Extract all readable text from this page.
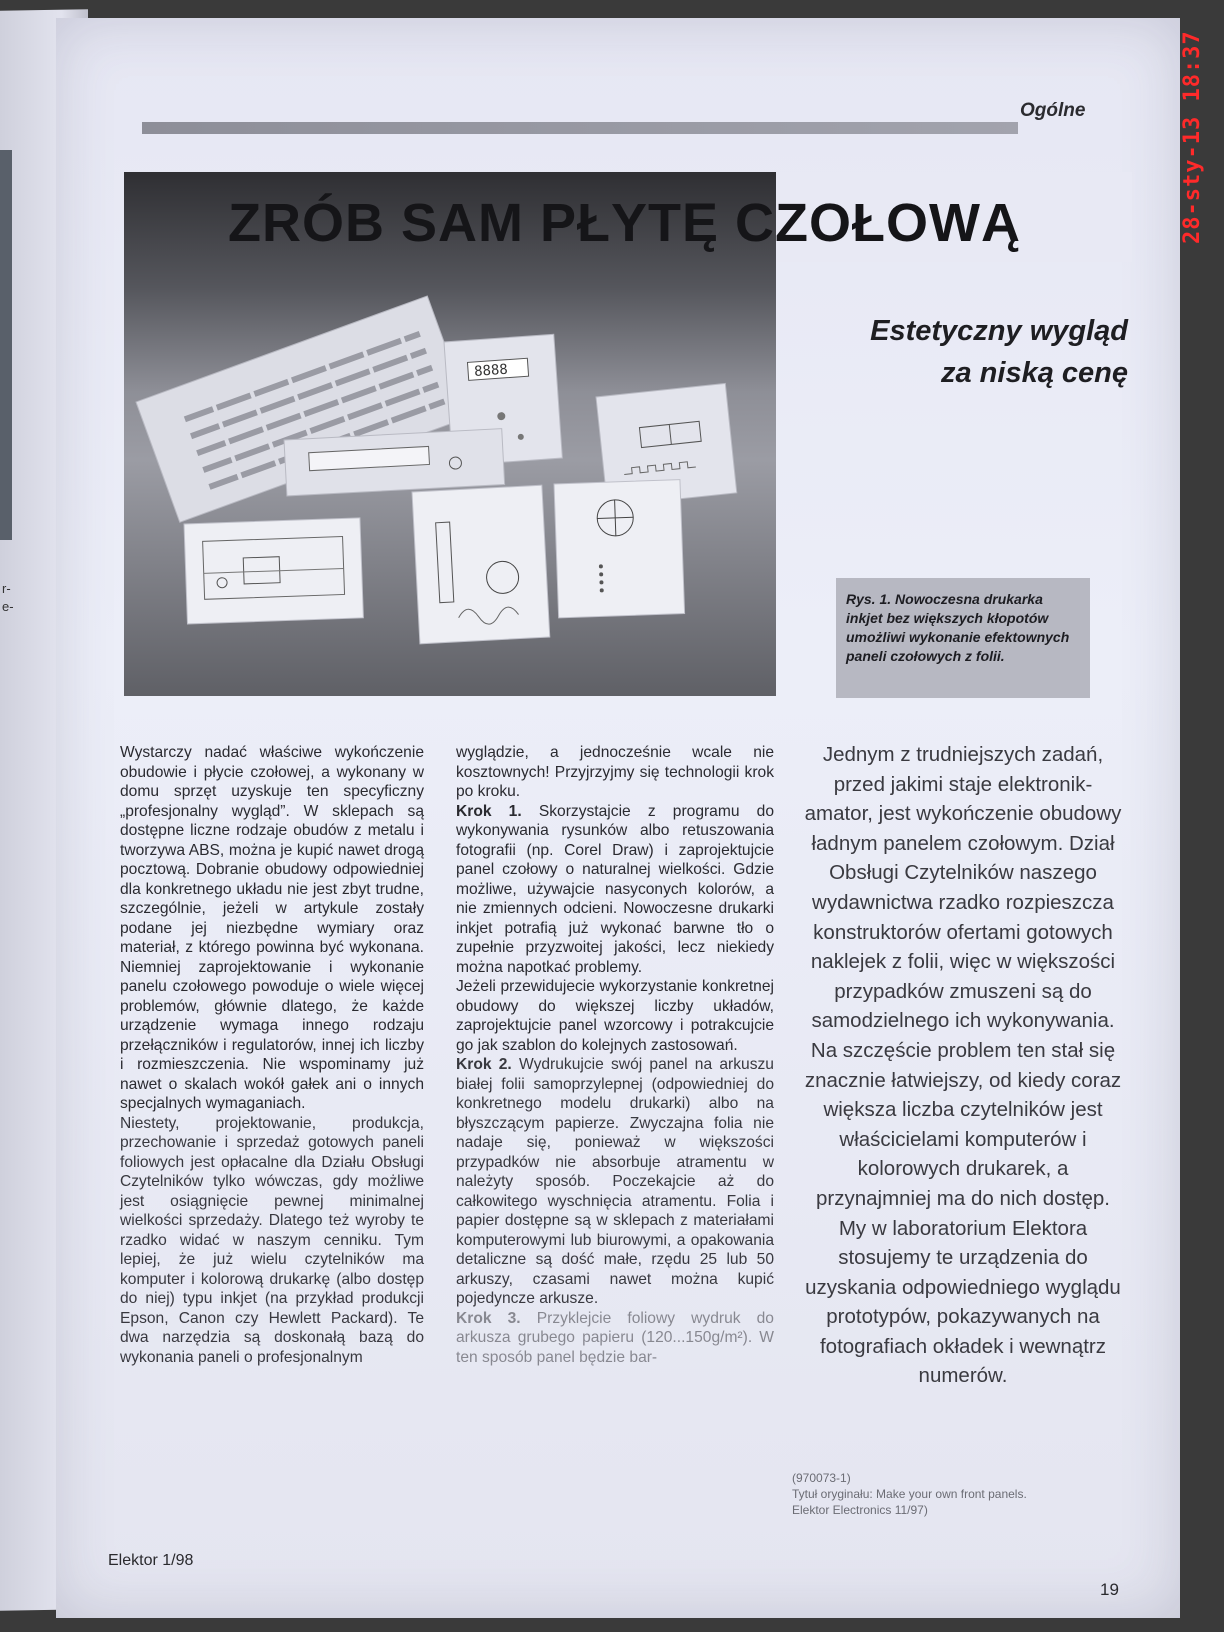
r-
e-
28-sty-13 18:37
Ogólne
8888
ZRÓB SAM PŁYTĘ CZOŁOWĄ
Estetyczny wygląd
za niską cenę
Rys. 1. Nowoczesna drukarka inkjet bez większych kłopotów umożliwi wykonanie efektownych paneli czołowych z folii.

Wystarczy nadać właściwe wykończenie obudowie i płycie czołowej, a wykonany w domu sprzęt uzyskuje ten specyficzny „profesjonalny wygląd”. W sklepach są dostępne liczne rodzaje obudów z metalu i tworzywa ABS, można je kupić nawet drogą pocztową. Dobranie obudowy odpowiedniej dla konkretnego układu nie jest zbyt trudne, szczególnie, jeżeli w artykule zostały podane jej niezbędne wymiary oraz materiał, z którego powinna być wykonana. Niemniej zaprojektowanie i wykonanie panelu czołowego powoduje o wiele więcej problemów, głównie dlatego, że każde urządzenie wymaga innego rodzaju przełączników i regulatorów, innej ich liczby i rozmieszczenia. Nie wspominamy już nawet o skalach wokół gałek ani o innych specjalnych wymaganiach.

Niestety, projektowanie, produkcja, przechowanie i sprzedaż gotowych paneli foliowych jest opłacalne dla Działu Obsługi Czytelników tylko wówczas, gdy możliwe jest osiągnięcie pewnej minimalnej wielkości sprzedaży. Dlatego też wyroby te rzadko widać w naszym cenniku. Tym lepiej, że już wielu czytelników ma komputer i kolorową drukarkę (albo dostęp do niej) typu inkjet (na przykład produkcji Epson, Canon czy Hewlett Packard). Te dwa narzędzia są doskonałą bazą do wykonania paneli o profesjonalnym

wyglądzie, a jednocześnie wcale nie kosztownych! Przyjrzyjmy się technologii krok po kroku.

Krok 1. Skorzystajcie z programu do wykonywania rysunków albo retuszowania fotografii (np. Corel Draw) i zaprojektujcie panel czołowy o naturalnej wielkości. Gdzie możliwe, używajcie nasyconych kolorów, a nie zmiennych odcieni. Nowoczesne drukarki inkjet potrafią już wykonać barwne tło o zupełnie przyzwoitej jakości, lecz niekiedy można napotkać problemy.

Jeżeli przewidujecie wykorzystanie konkretnej obudowy do większej liczby układów, zaprojektujcie panel wzorcowy i potrakcujcie go jak szablon do kolejnych zastosowań.

Krok 2. Wydrukujcie swój panel na arkuszu białej folii samoprzylepnej (odpowiedniej do konkretnego modelu drukarki) albo na błyszczącym papierze. Zwyczajna folia nie nadaje się, ponieważ w większości przypadków nie absorbuje atramentu w należyty sposób. Poczekajcie aż do całkowitego wyschnięcia atramentu. Folia i papier dostępne są w sklepach z materiałami komputerowymi lub biurowymi, a opakowania detaliczne są dość małe, rzędu 25 lub 50 arkuszy, czasami nawet można kupić pojedyncze arkusze.

Krok 3. Przyklejcie foliowy wydruk do arkusza grubego papieru (120...150g/m²). W ten sposób panel będzie bar-

Jednym z trudniejszych zadań, przed jakimi staje elektronik-amator, jest wykończenie obudowy ładnym panelem czołowym. Dział Obsługi Czytelników naszego wydawnictwa rzadko rozpieszcza konstruktorów ofertami gotowych naklejek z folii, więc w większości przypadków zmuszeni są do samodzielnego ich wykonywania. Na szczęście problem ten stał się znacznie łatwiejszy, od kiedy coraz większa liczba czytelników jest właścicielami komputerów i kolorowych drukarek, a przynajmniej ma do nich dostęp. My w laboratorium Elektora stosujemy te urządzenia do uzyskania odpowiedniego wyglądu prototypów, pokazywanych na fotografiach okładek i wewnątrz numerów.

(970073-1)
Tytuł oryginału: Make your own front panels.
Elektor Electronics 11/97)
Elektor 1/98
19
